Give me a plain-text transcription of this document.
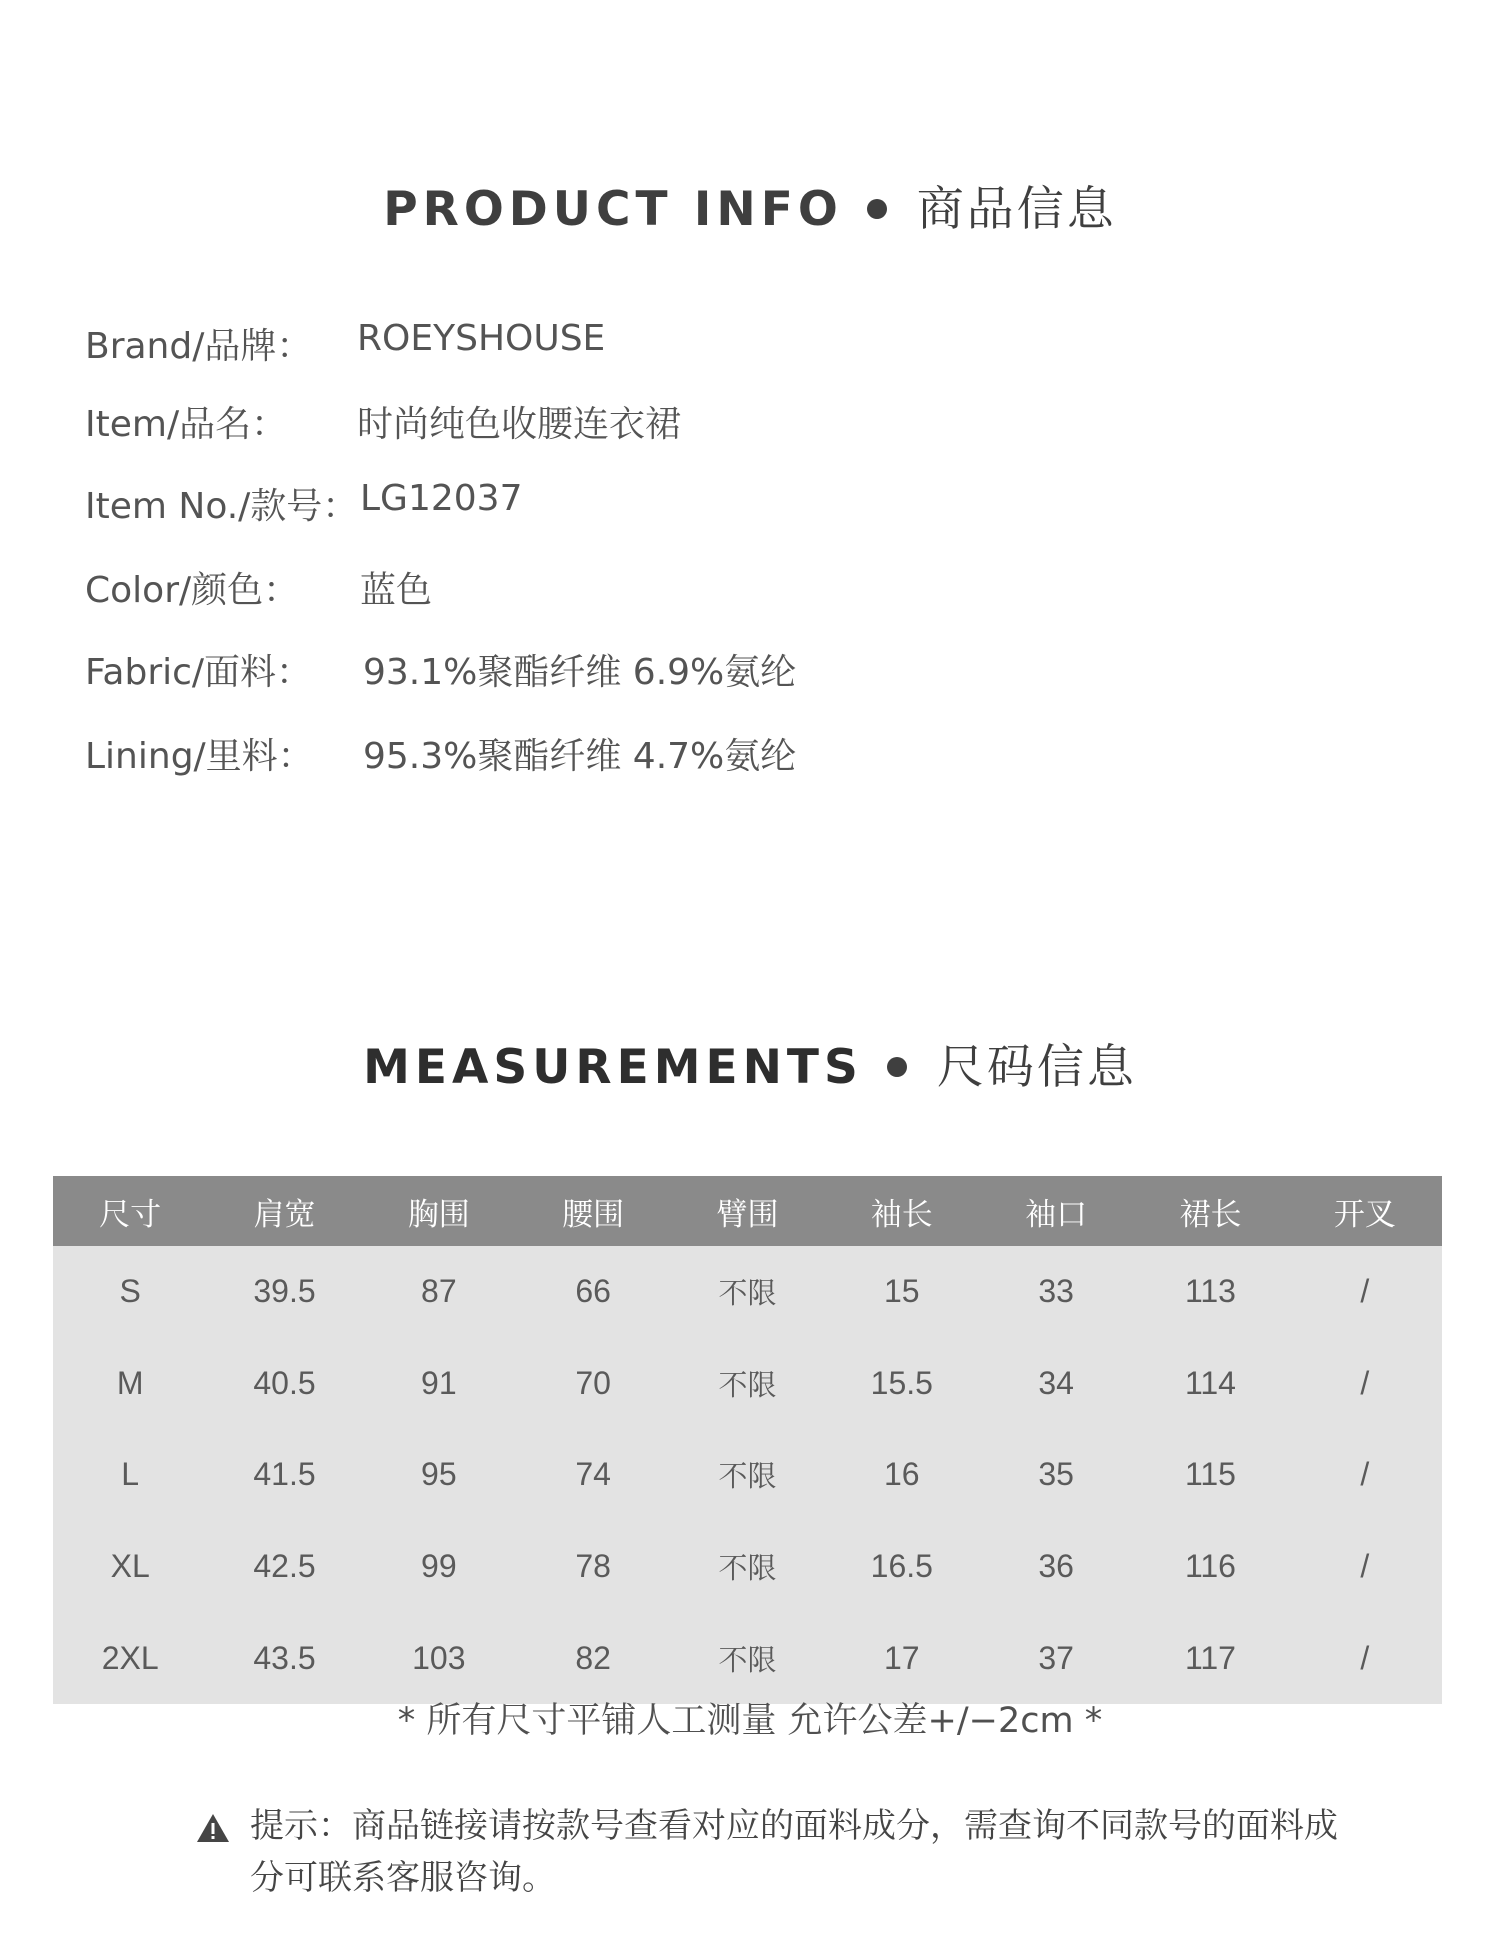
PRODUCT INFO 商品信息
Brand/品牌： ROEYSHOUSE
Item/品名： 时尚纯色收腰连衣裙
Item No./款号： LG12037
Color/颜色： 蓝色
Fabric/面料： 93.1%聚酯纤维 6.9%氨纶
Lining/里料： 95.3%聚酯纤维 4.7%氨纶
MEASUREMENTS 尺码信息
尺寸	肩宽	胸围	腰围	臂围	袖长	袖口	裙长	开叉
S	39.5	87	66	不限	15	33	113	/
M	40.5	91	70	不限	15.5	34	114	/
L	41.5	95	74	不限	16	35	115	/
XL	42.5	99	78	不限	16.5	36	116	/
2XL	43.5	103	82	不限	17	37	117	/
* 所有尺寸平铺人工测量 允许公差+/−2cm *
提示：商品链接请按款号查看对应的面料成分，需查询不同款号的面料成分可联系客服咨询。
